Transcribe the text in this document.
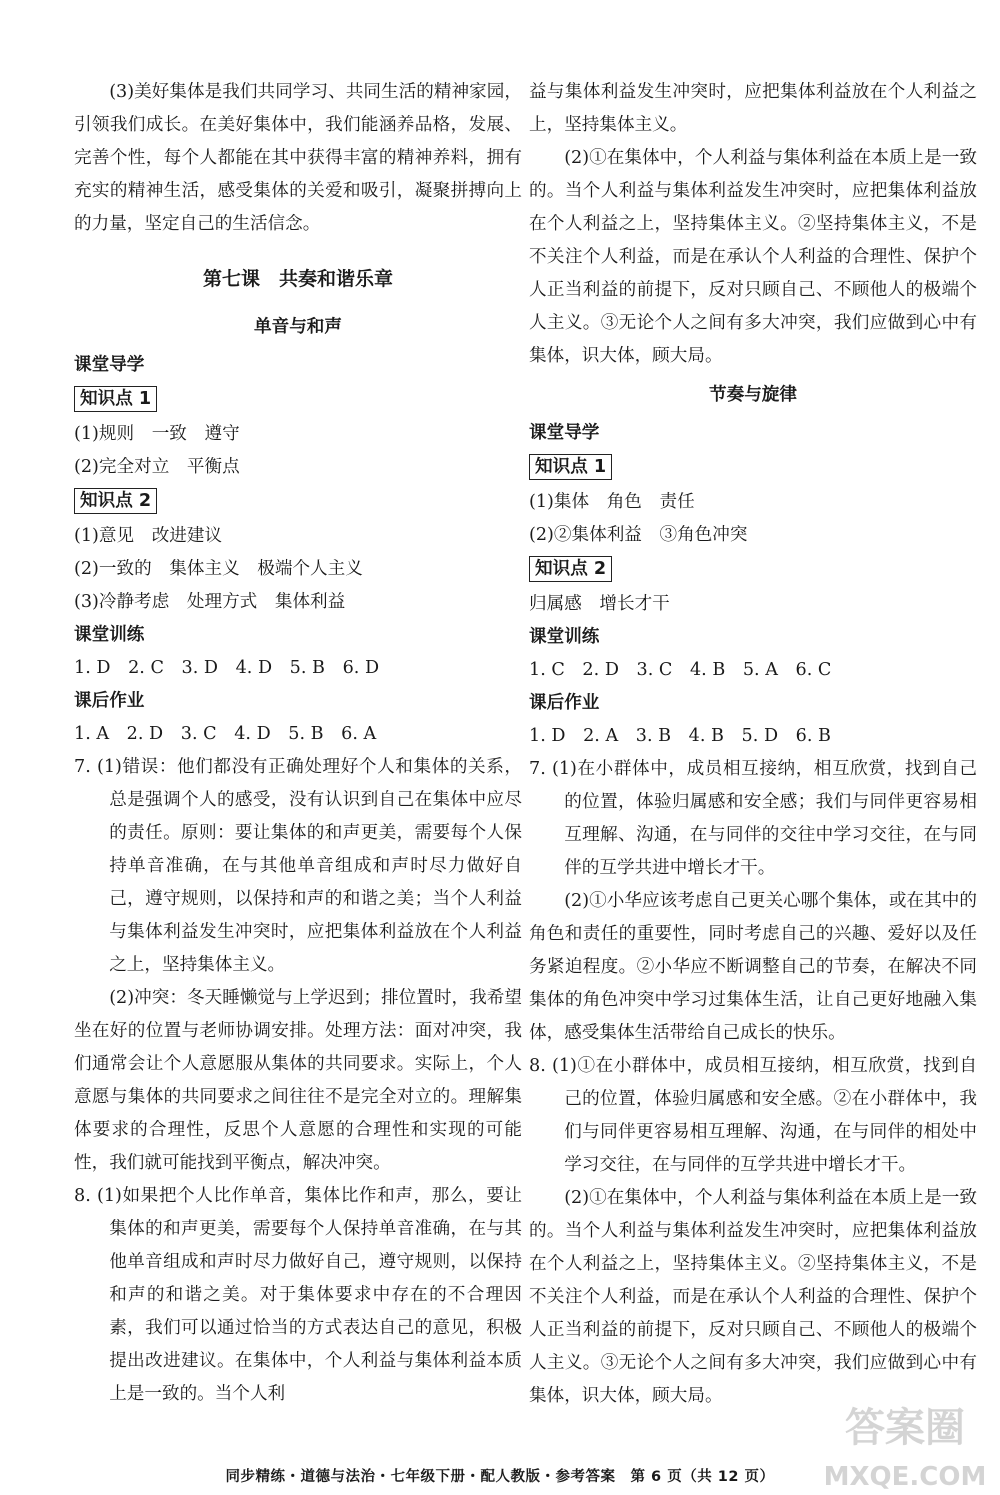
(3)美好集体是我们共同学习、共同生活的精神家园，引领我们成长。在美好集体中，我们能涵养品格，发展、完善个性，每个人都能在其中获得丰富的精神养料，拥有充实的精神生活，感受集体的关爱和吸引，凝聚拼搏向上的力量，坚定自己的生活信念。

第七课　共奏和谐乐章
单音与和声
课堂导学
知识点 1
(1)规则　一致　遵守
(2)完全对立　平衡点
知识点 2
(1)意见　改进建议
(2)一致的　集体主义　极端个人主义
(3)冷静考虑　处理方式　集体利益
课堂训练
1. D　2. C　3. D　4. D　5. B　6. D
课后作业
1. A　2. D　3. C　4. D　5. B　6. A

7. (1)错误：他们都没有正确处理好个人和集体的关系，总是强调个人的感受，没有认识到自己在集体中应尽的责任。原则：要让集体的和声更美，需要每个人保持单音准确，在与其他单音组成和声时尽力做好自己，遵守规则，以保持和声的和谐之美；当个人利益与集体利益发生冲突时，应把集体利益放在个人利益之上，坚持集体主义。

(2)冲突：冬天睡懒觉与上学迟到；排位置时，我希望坐在好的位置与老师协调安排。处理方法：面对冲突，我们通常会让个人意愿服从集体的共同要求。实际上，个人意愿与集体的共同要求之间往往不是完全对立的。理解集体要求的合理性，反思个人意愿的合理性和实现的可能性，我们就可能找到平衡点，解决冲突。

8. (1)如果把个人比作单音，集体比作和声，那么，要让集体的和声更美，需要每个人保持单音准确，在与其他单音组成和声时尽力做好自己，遵守规则，以保持和声的和谐之美。对于集体要求中存在的不合理因素，我们可以通过恰当的方式表达自己的意见，积极提出改进建议。在集体中，个人利益与集体利益本质上是一致的。当个人利

益与集体利益发生冲突时，应把集体利益放在个人利益之上，坚持集体主义。

(2)①在集体中，个人利益与集体利益在本质上是一致的。当个人利益与集体利益发生冲突时，应把集体利益放在个人利益之上，坚持集体主义。②坚持集体主义，不是不关注个人利益，而是在承认个人利益的合理性、保护个人正当利益的前提下，反对只顾自己、不顾他人的极端个人主义。③无论个人之间有多大冲突，我们应做到心中有集体，识大体，顾大局。

节奏与旋律
课堂导学
知识点 1
(1)集体　角色　责任
(2)②集体利益　③角色冲突
知识点 2
归属感　增长才干
课堂训练
1. C　2. D　3. C　4. B　5. A　6. C
课后作业
1. D　2. A　3. B　4. B　5. D　6. B

7. (1)在小群体中，成员相互接纳，相互欣赏，找到自己的位置，体验归属感和安全感；我们与同伴更容易相互理解、沟通，在与同伴的交往中学习交往，在与同伴的互学共进中增长才干。

(2)①小华应该考虑自己更关心哪个集体，或在其中的角色和责任的重要性，同时考虑自己的兴趣、爱好以及任务紧迫程度。②小华应不断调整自己的节奏，在解决不同集体的角色冲突中学习过集体生活，让自己更好地融入集体，感受集体生活带给自己成长的快乐。

8. (1)①在小群体中，成员相互接纳，相互欣赏，找到自己的位置，体验归属感和安全感。②在小群体中，我们与同伴更容易相互理解、沟通，在与同伴的相处中学习交往，在与同伴的互学共进中增长才干。

(2)①在集体中，个人利益与集体利益在本质上是一致的。当个人利益与集体利益发生冲突时，应把集体利益放在个人利益之上，坚持集体主义。②坚持集体主义，不是不关注个人利益，而是在承认个人利益的合理性、保护个人正当利益的前提下，反对只顾自己、不顾他人的极端个人主义。③无论个人之间有多大冲突，我们应做到心中有集体，识大体，顾大局。

答案圈
MXQE.COM
同步精练・道德与法治・七年级下册・配人教版・参考答案　第 6 页（共 12 页）
